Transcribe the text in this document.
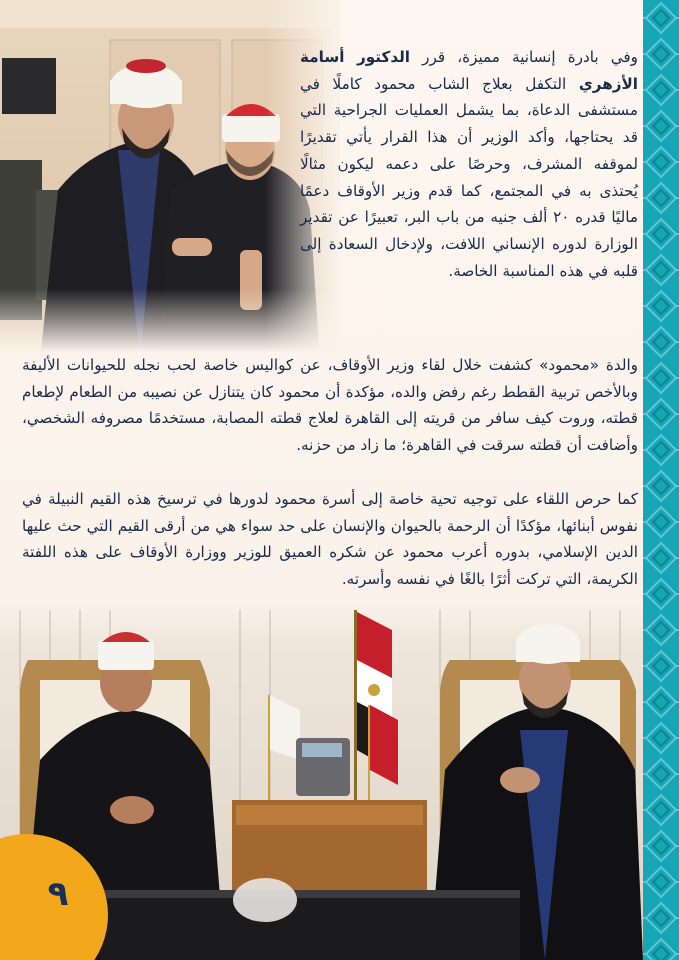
وفي بادرة إنسانية مميزة، قرر الدكتور أسامة الأزهري التكفل بعلاج الشاب محمود كاملًا في مستشفى الدعاة، بما يشمل العمليات الجراحية التي قد يحتاجها، وأكد الوزير أن هذا القرار يأتي تقديرًا لموقفه المشرف، وحرصًا على دعمه ليكون مثالًا يُحتذى به في المجتمع، كما قدم وزير الأوقاف دعمًا ماليًا قدره ٢٠ ألف جنيه من باب البر، تعبيرًا عن تقدير الوزارة لدوره الإنساني اللافت، ولإدخال السعادة إلى قلبه في هذه المناسبة الخاصة.

والدة «محمود» كشفت خلال لقاء وزير الأوقاف، عن كواليس خاصة لحب نجله للحيوانات الأليفة وبالأخص تربية القطط رغم رفض والده، مؤكدة أن محمود كان يتنازل عن نصيبه من الطعام لإطعام قطته، وروت كيف سافر من قريته إلى القاهرة لعلاج قطته المصابة، مستخدمًا مصروفه الشخصي، وأضافت أن قطته سرقت في القاهرة؛ ما زاد من حزنه.

كما حرص اللقاء على توجيه تحية خاصة إلى أسرة محمود لدورها في ترسيخ هذه القيم النبيلة في نفوس أبنائها، مؤكدًا أن الرحمة بالحيوان والإنسان على حد سواء هي من أرقى القيم التي حث عليها الدين الإسلامي، بدوره أعرب محمود عن شكره العميق للوزير ووزارة الأوقاف على هذه اللفتة الكريمة، التي تركت أثرًا بالغًا في نفسه وأسرته.

٩
